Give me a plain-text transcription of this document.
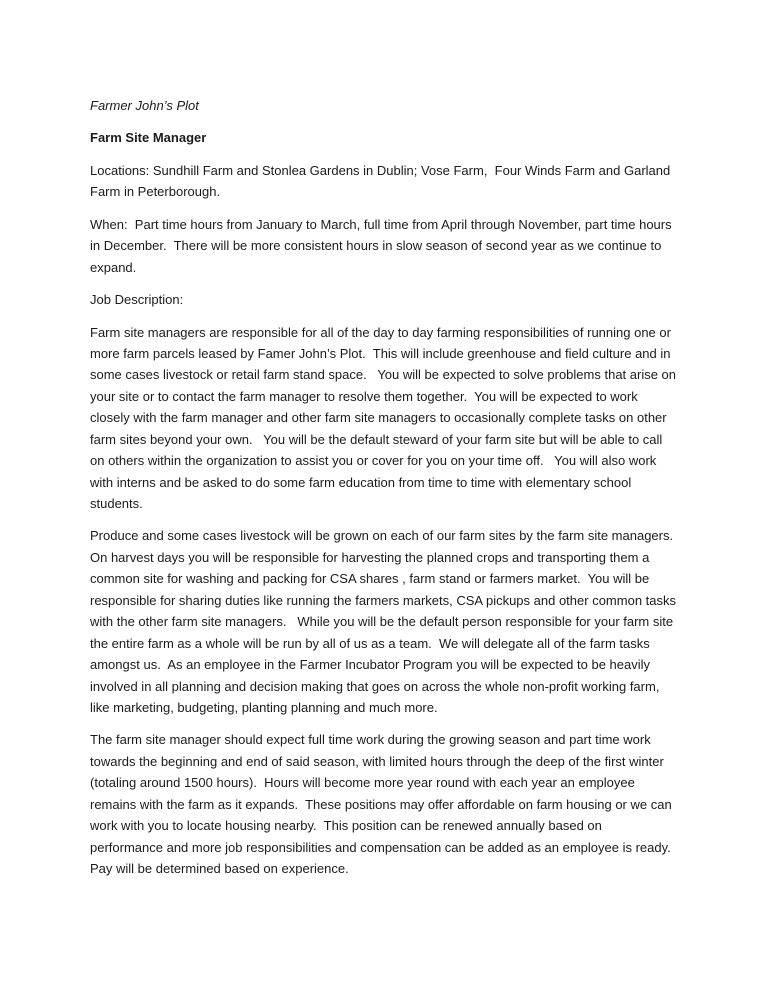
Farmer John’s Plot

Farm Site Manager

Locations: Sundhill Farm and Stonlea Gardens in Dublin; Vose Farm,  Four Winds Farm and Garland Farm in Peterborough.

When:  Part time hours from January to March, full time from April through November, part time hours in December.  There will be more consistent hours in slow season of second year as we continue to expand.

Job Description:

Farm site managers are responsible for all of the day to day farming responsibilities of running one or more farm parcels leased by Famer John’s Plot.  This will include greenhouse and field culture and in some cases livestock or retail farm stand space.   You will be expected to solve problems that arise on your site or to contact the farm manager to resolve them together.  You will be expected to work closely with the farm manager and other farm site managers to occasionally complete tasks on other farm sites beyond your own.   You will be the default steward of your farm site but will be able to call on others within the organization to assist you or cover for you on your time off.   You will also work with interns and be asked to do some farm education from time to time with elementary school students.

Produce and some cases livestock will be grown on each of our farm sites by the farm site managers.  On harvest days you will be responsible for harvesting the planned crops and transporting them a common site for washing and packing for CSA shares , farm stand or farmers market.  You will be responsible for sharing duties like running the farmers markets, CSA pickups and other common tasks with the other farm site managers.   While you will be the default person responsible for your farm site the entire farm as a whole will be run by all of us as a team.  We will delegate all of the farm tasks amongst us.  As an employee in the Farmer Incubator Program you will be expected to be heavily involved in all planning and decision making that goes on across the whole non-profit working farm, like marketing, budgeting, planting planning and much more.

The farm site manager should expect full time work during the growing season and part time work towards the beginning and end of said season, with limited hours through the deep of the first winter (totaling around 1500 hours).  Hours will become more year round with each year an employee remains with the farm as it expands.  These positions may offer affordable on farm housing or we can work with you to locate housing nearby.  This position can be renewed annually based on performance and more job responsibilities and compensation can be added as an employee is ready.   Pay will be determined based on experience.
